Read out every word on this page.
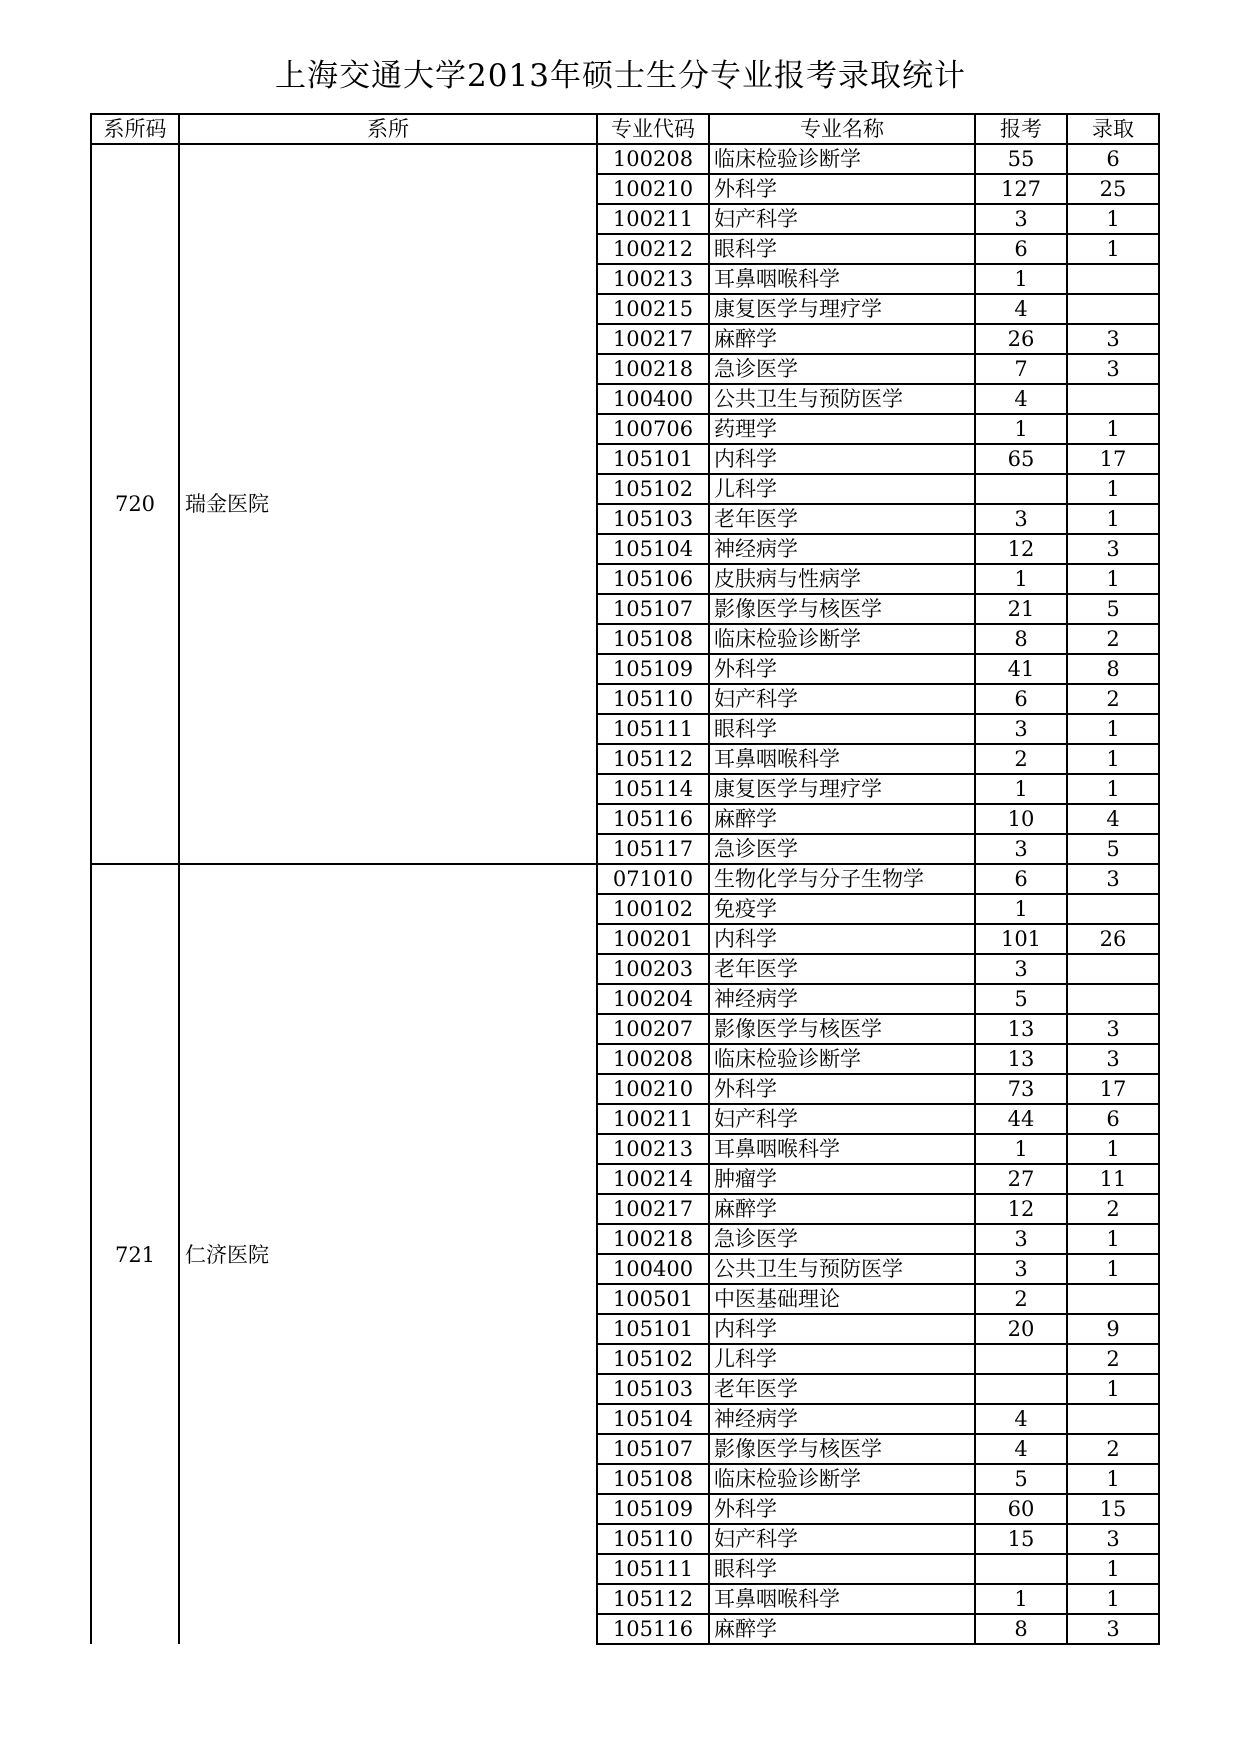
上海交通大学2013年硕士生分专业报考录取统计
系所码	系所	专业代码	专业名称	报考	录取
720	瑞金医院	100208	临床检验诊断学	55	6
		100210	外科学	127	25
		100211	妇产科学	3	1
		100212	眼科学	6	1
		100213	耳鼻咽喉科学	1	
		100215	康复医学与理疗学	4	
		100217	麻醉学	26	3
		100218	急诊医学	7	3
		100400	公共卫生与预防医学	4	
		100706	药理学	1	1
		105101	内科学	65	17
		105102	儿科学		1
		105103	老年医学	3	1
		105104	神经病学	12	3
		105106	皮肤病与性病学	1	1
		105107	影像医学与核医学	21	5
		105108	临床检验诊断学	8	2
		105109	外科学	41	8
		105110	妇产科学	6	2
		105111	眼科学	3	1
		105112	耳鼻咽喉科学	2	1
		105114	康复医学与理疗学	1	1
		105116	麻醉学	10	4
		105117	急诊医学	3	5
721	仁济医院	071010	生物化学与分子生物学	6	3
		100102	免疫学	1	
		100201	内科学	101	26
		100203	老年医学	3	
		100204	神经病学	5	
		100207	影像医学与核医学	13	3
		100208	临床检验诊断学	13	3
		100210	外科学	73	17
		100211	妇产科学	44	6
		100213	耳鼻咽喉科学	1	1
		100214	肿瘤学	27	11
		100217	麻醉学	12	2
		100218	急诊医学	3	1
		100400	公共卫生与预防医学	3	1
		100501	中医基础理论	2	
		105101	内科学	20	9
		105102	儿科学		2
		105103	老年医学		1
		105104	神经病学	4	
		105107	影像医学与核医学	4	2
		105108	临床检验诊断学	5	1
		105109	外科学	60	15
		105110	妇产科学	15	3
		105111	眼科学		1
		105112	耳鼻咽喉科学	1	1
		105116	麻醉学	8	3
